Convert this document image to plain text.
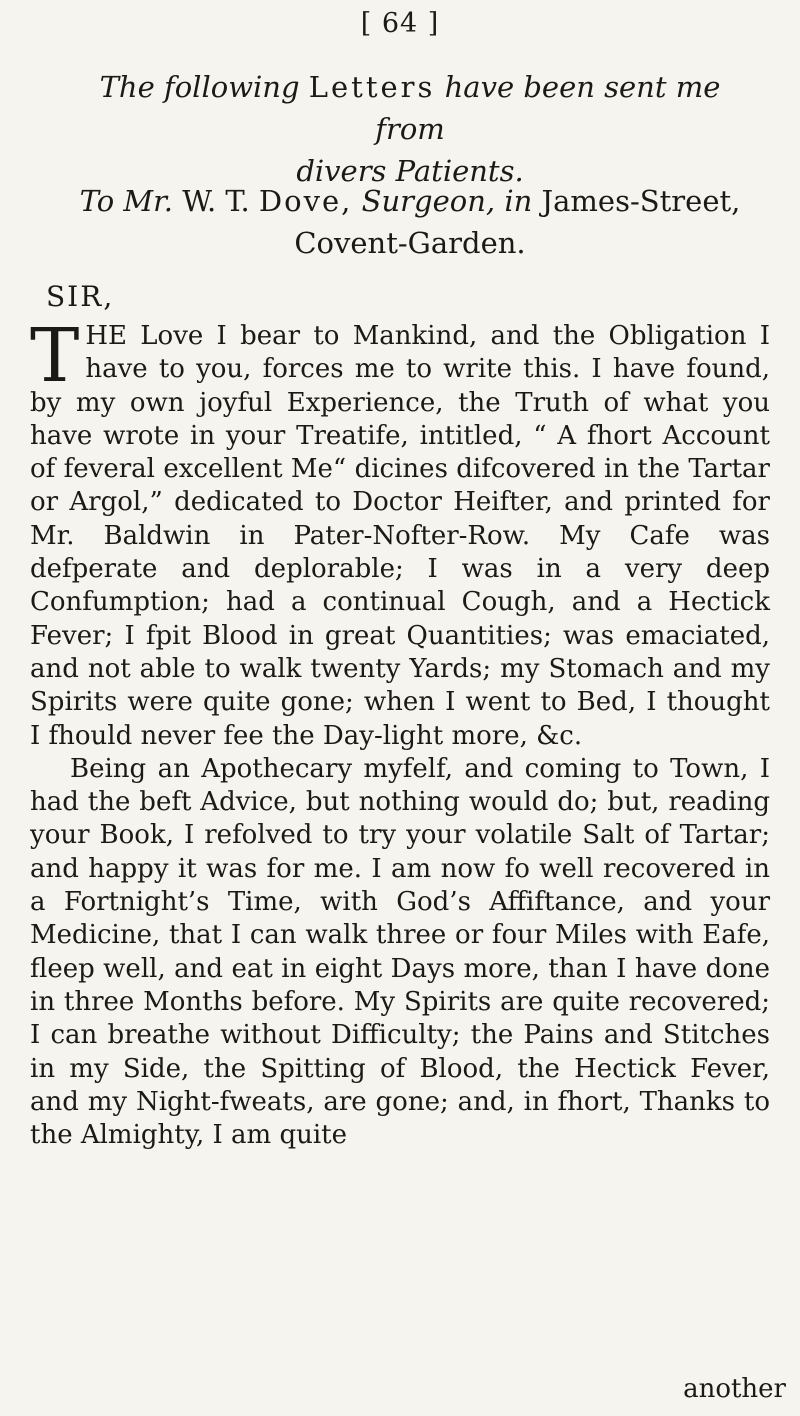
[ 64 ]
The following Letters have been sent me from
divers Patients.
To Mr. W. T. Dove, Surgeon, in James-Street,
Covent-Garden.
SIR,

T HE Love I bear to Mankind, and the Obligation I have to you, forces me to write this. I have found, by my own joyful Experience, the Truth of what you have wrote in your Treatife, intitled, “ A fhort Account of feveral excellent Me“ dicines difcovered in the Tartar or Argol,” dedicated to Doctor Heifter, and printed for Mr. Baldwin in Pater-Nofter-Row. My Cafe was defperate and deplorable; I was in a very deep Confumption; had a continual Cough, and a Hectick Fever; I fpit Blood in great Quantities; was emaciated, and not able to walk twenty Yards; my Stomach and my Spirits were quite gone; when I went to Bed, I thought I fhould never fee the Day-light more, &c.

Being an Apothecary myfelf, and coming to Town, I had the beft Advice, but nothing would do; but, reading your Book, I refolved to try your volatile Salt of Tartar; and happy it was for me. I am now fo well recovered in a Fortnight’s Time, with God’s Affiftance, and your Medicine, that I can walk three or four Miles with Eafe, fleep well, and eat in eight Days more, than I have done in three Months before. My Spirits are quite recovered; I can breathe without Difficulty; the Pains and Stitches in my Side, the Spitting of Blood, the Hectick Fever, and my Night-fweats, are gone; and, in fhort, Thanks to the Almighty, I am quite

another
